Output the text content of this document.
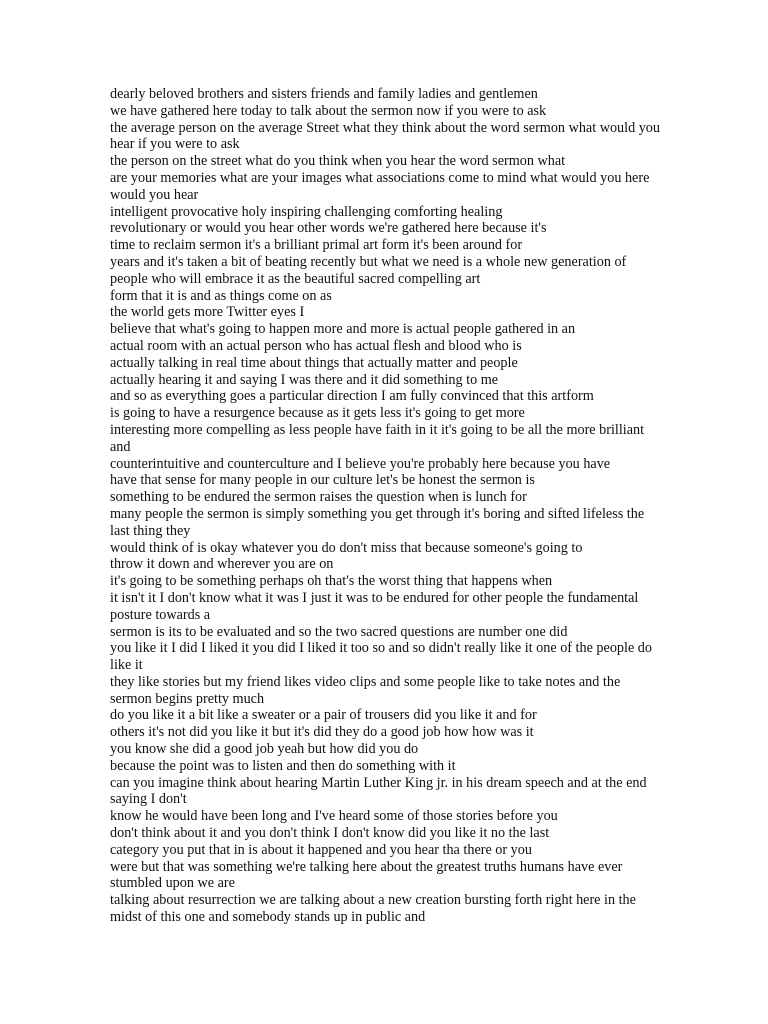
dearly beloved brothers and sisters friends and family ladies and gentlemen
we have gathered here today to talk about the sermon now if you were to ask
the average person on the average Street what they think about the word sermon what would you hear if you were to ask
the person on the street what do you think when you hear the word sermon what
are your memories what are your images what associations come to mind what would you here would you hear
intelligent provocative holy inspiring challenging comforting healing
revolutionary or would you hear other words we're gathered here because it's
time to reclaim sermon it's a brilliant primal art form it's been around for
years and it's taken a bit of beating recently but what we need is a whole new generation of people who will embrace it as the beautiful sacred compelling art
form that it is and as things come on as
the world gets more Twitter eyes I
believe that what's going to happen more and more is actual people gathered in an
actual room with an actual person who has actual flesh and blood who is
actually talking in real time about things that actually matter and people
actually hearing it and saying I was there and it did something to me
and so as everything goes a particular direction I am fully convinced that this artform
is going to have a resurgence because as it gets less it's going to get more
interesting more compelling as less people have faith in it it's going to be all the more brilliant and
counterintuitive and counterculture and I believe you're probably here because you have
have that sense for many people in our culture let's be honest the sermon is
something to be endured the sermon raises the question when is lunch for
many people the sermon is simply something you get through it's boring and sifted lifeless the last thing they
would think of is okay whatever you do don't miss that because someone's going to
throw it down and wherever you are on
it's going to be something perhaps oh that's the worst thing that happens when
it isn't it I don't know what it was I just it was to be endured for other people the fundamental posture towards a
sermon is its to be evaluated and so the two sacred questions are number one did
you like it I did I liked it you did I liked it too so and so didn't really like it one of the people do like it
they like stories but my friend likes video clips and some people like to take notes and the sermon begins pretty much
do you like it a bit like a sweater or a pair of trousers did you like it and for
others it's not did you like it but it's did they do a good job how how was it
you know she did a good job yeah but how did you do
because the point was to listen and then do something with it
can you imagine think about hearing Martin Luther King jr. in his dream speech and at the end saying I don't
know he would have been long and I've heard some of those stories before you
don't think about it and you don't think I don't know did you like it no the last
category you put that in is about it happened and you hear tha there or you
were but that was something we're talking here about the greatest truths humans have ever stumbled upon we are
talking about resurrection we are talking about a new creation bursting forth right here in the midst of this one and somebody stands up in public and
